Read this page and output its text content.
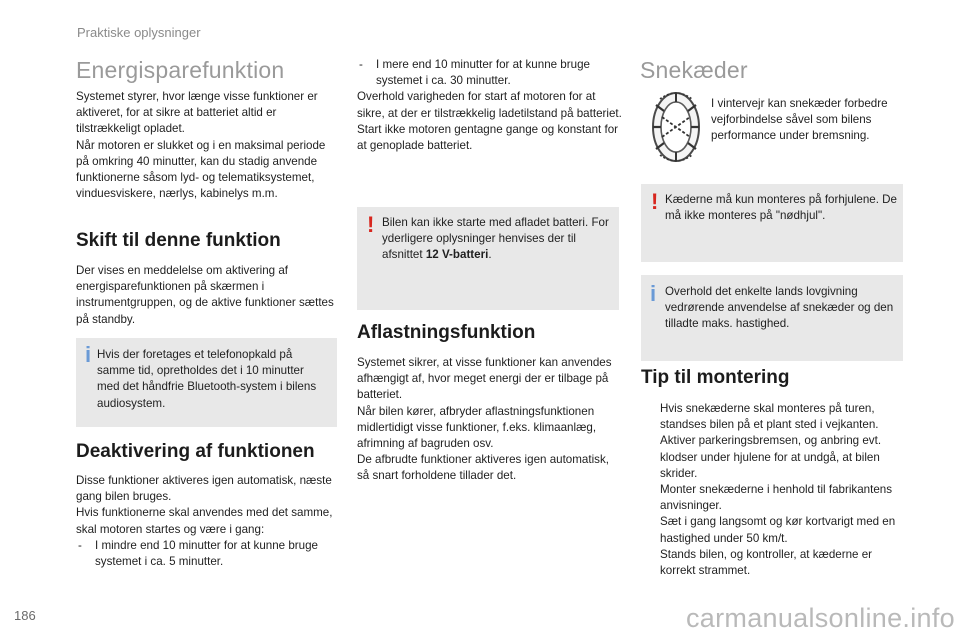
Praktiske oplysninger
Energisparefunktion

Systemet styrer, hvor længe visse funktioner er aktiveret, for at sikre at batteriet altid er tilstrækkeligt opladet.

Når motoren er slukket og i en maksimal periode på omkring 40 minutter, kan du stadig anvende funktionerne såsom lyd- og telematiksystemet, vinduesviskere, nærlys, kabinelys m.m.

Skift til denne funktion
Der vises en meddelelse om aktivering af energisparefunktionen på skærmen i instrumentgruppen, og de aktive funktioner sættes på standby.
i Hvis der foretages et telefonopkald på samme tid, opretholdes det i 10 minutter med det håndfrie Bluetooth-system i bilens audiosystem.
Deaktivering af funktionen

Disse funktioner aktiveres igen automatisk, næste gang bilen bruges.

Hvis funktionerne skal anvendes med det samme, skal motoren startes og være i gang:

- I mindre end 10 minutter for at kunne bruge systemet i ca. 5 minutter.
- I mere end 10 minutter for at kunne bruge systemet i ca. 30 minutter.

Overhold varigheden for start af motoren for at sikre, at der er tilstrækkelig ladetilstand på batteriet.

Start ikke motoren gentagne gange og konstant for at genoplade batteriet.

! Bilen kan ikke starte med afladet batteri. For yderligere oplysninger henvises der til afsnittet 12 V-batteri.
Aflastningsfunktion

Systemet sikrer, at visse funktioner kan anvendes afhængigt af, hvor meget energi der er tilbage på batteriet.

Når bilen kører, afbryder aflastningsfunktionen midlertidigt visse funktioner, f.eks. klimaanlæg, afrimning af bagruden osv.

De afbrudte funktioner aktiveres igen automatisk, så snart forholdene tillader det.

Snekæder
I vintervejr kan snekæder forbedre vejforbindelse såvel som bilens performance under bremsning.
! Kæderne må kun monteres på forhjulene. De må ikke monteres på "nødhjul".
i Overhold det enkelte lands lovgivning vedrørende anvendelse af snekæder og den tilladte maks. hastighed.
Tip til montering
Hvis snekæderne skal monteres på turen, standses bilen på et plant sted i vejkanten.
Aktiver parkeringsbremsen, og anbring evt. klodser under hjulene for at undgå, at bilen skrider.
Monter snekæderne i henhold til fabrikantens anvisninger.
Sæt i gang langsomt og kør kortvarigt med en hastighed under 50 km/t.
Stands bilen, og kontroller, at kæderne er korrekt strammet.
186	carmanualsonline.info
